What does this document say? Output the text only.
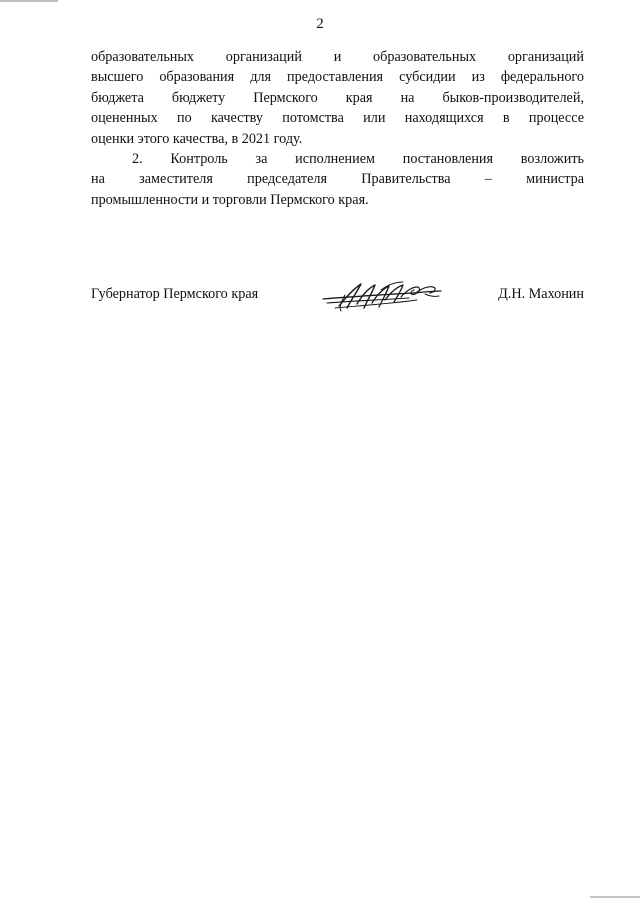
2
образовательных организаций и образовательных организаций
высшего образования для предоставления субсидии из федерального
бюджета бюджету Пермского края на быков-производителей,
оцененных по качеству потомства или находящихся в процессе
оценки этого качества, в 2021 году.
2. Контроль за исполнением постановления возложить
на заместителя председателя Правительства – министра
промышленности и торговли Пермского края.
Губернатор Пермского края	Д.Н. Махонин
